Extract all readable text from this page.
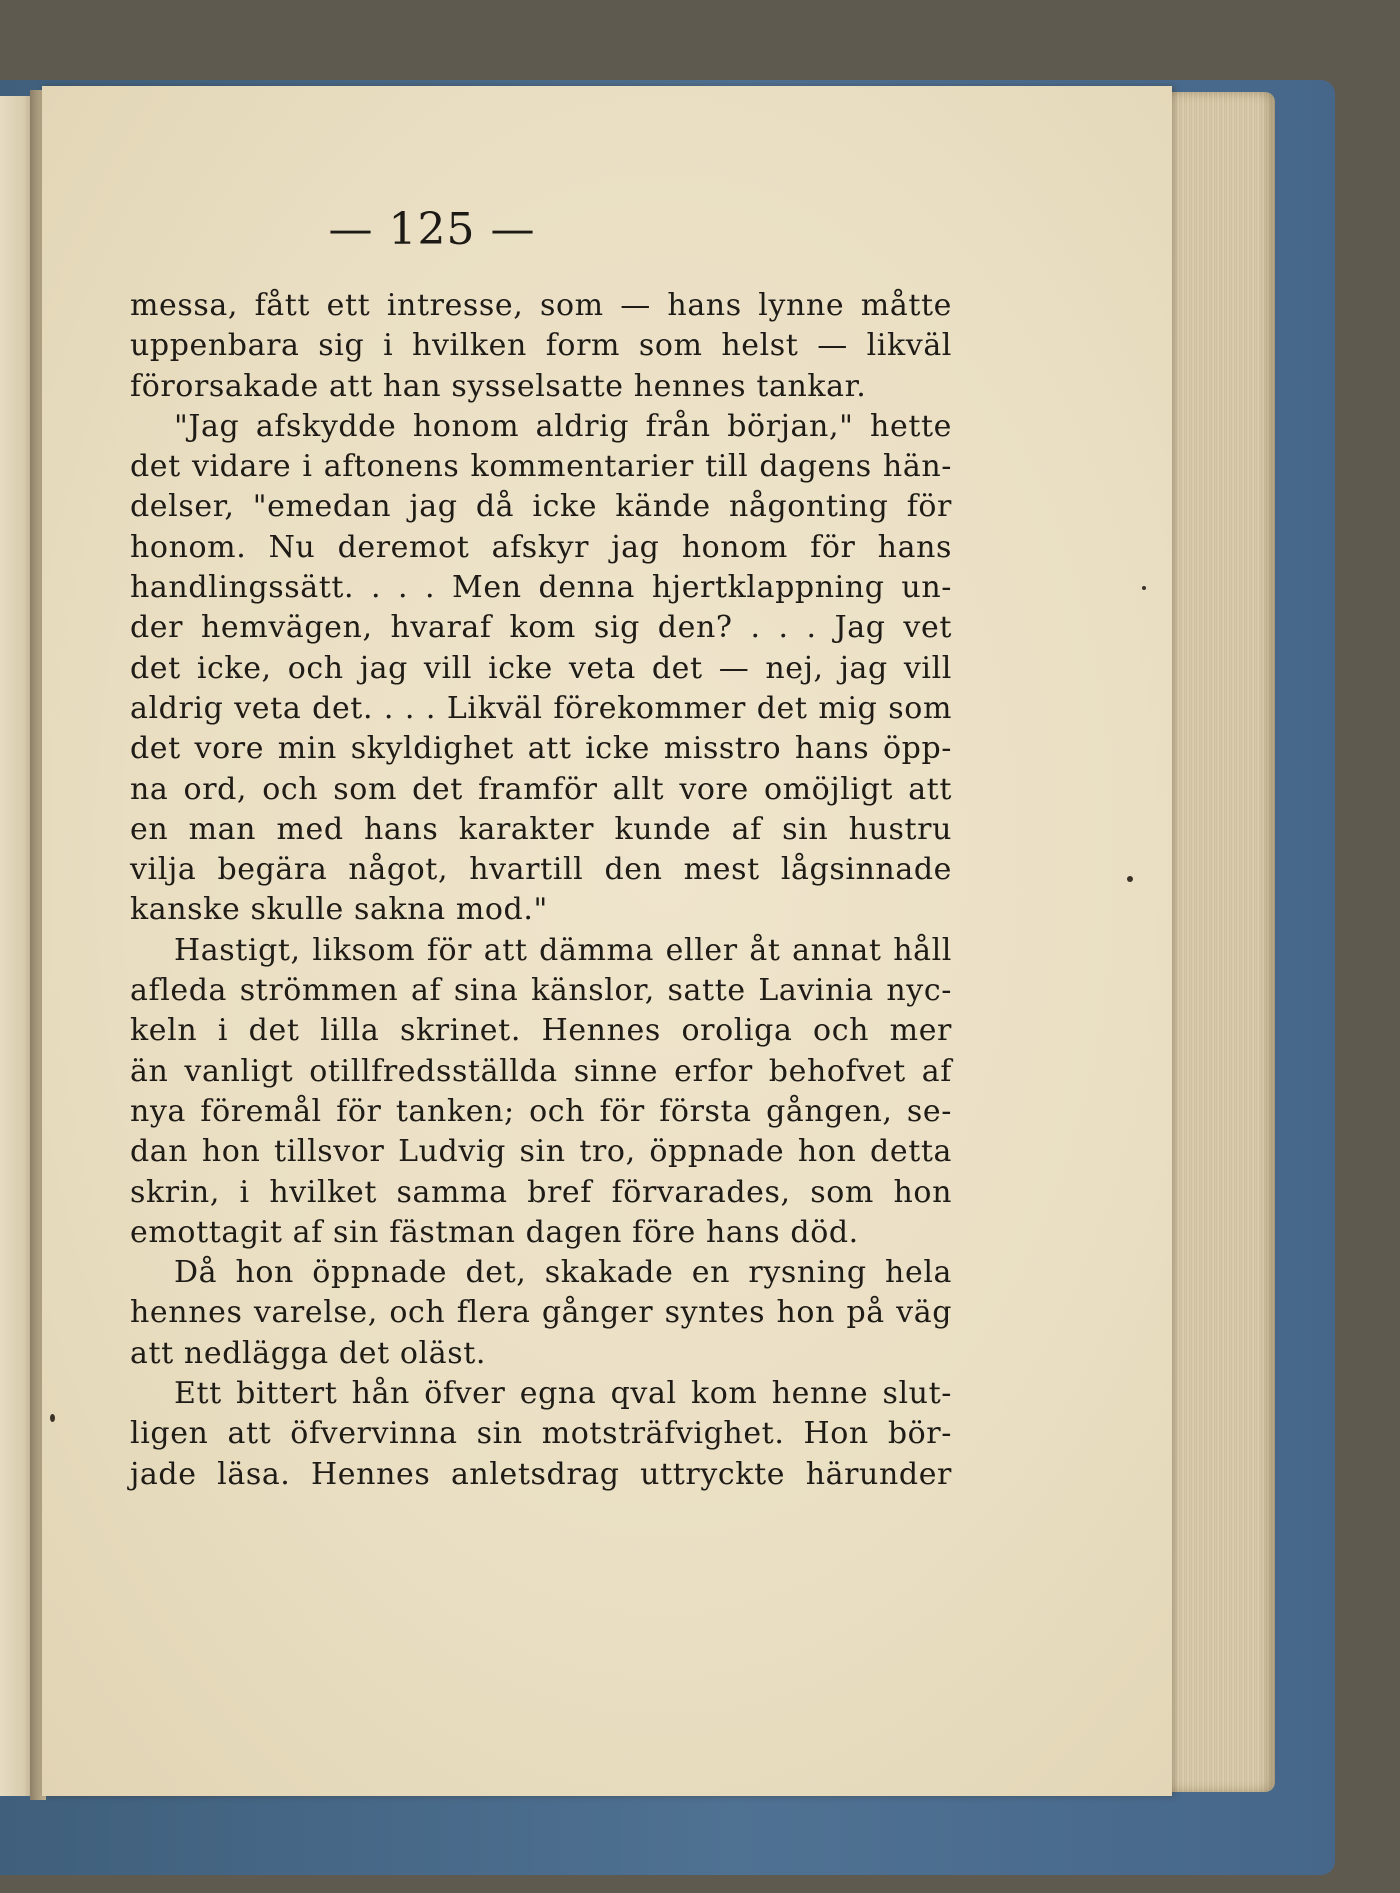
— 125 —
messa, fått ett intresse, som — hans lynne måtte
uppenbara sig i hvilken form som helst — likväl
förorsakade att han sysselsatte hennes tankar.
"Jag afskydde honom aldrig från början," hette
det vidare i aftonens kommentarier till dagens hän-
delser, "emedan jag då icke kände någonting för
honom. Nu deremot afskyr jag honom för hans
handlingssätt. . . . Men denna hjertklappning un-
der hemvägen, hvaraf kom sig den? . . . Jag vet
det icke, och jag vill icke veta det — nej, jag vill
aldrig veta det. . . . Likväl förekommer det mig som
det vore min skyldighet att icke misstro hans öpp-
na ord, och som det framför allt vore omöjligt att
en man med hans karakter kunde af sin hustru
vilja begära något, hvartill den mest lågsinnade
kanske skulle sakna mod."
Hastigt, liksom för att dämma eller åt annat håll
afleda strömmen af sina känslor, satte Lavinia nyc-
keln i det lilla skrinet. Hennes oroliga och mer
än vanligt otillfredsställda sinne erfor behofvet af
nya föremål för tanken; och för första gången, se-
dan hon tillsvor Ludvig sin tro, öppnade hon detta
skrin, i hvilket samma bref förvarades, som hon
emottagit af sin fästman dagen före hans död.
Då hon öppnade det, skakade en rysning hela
hennes varelse, och flera gånger syntes hon på väg
att nedlägga det oläst.
Ett bittert hån öfver egna qval kom henne slut-
ligen att öfvervinna sin motsträfvighet. Hon bör-
jade läsa. Hennes anletsdrag uttryckte härunder
